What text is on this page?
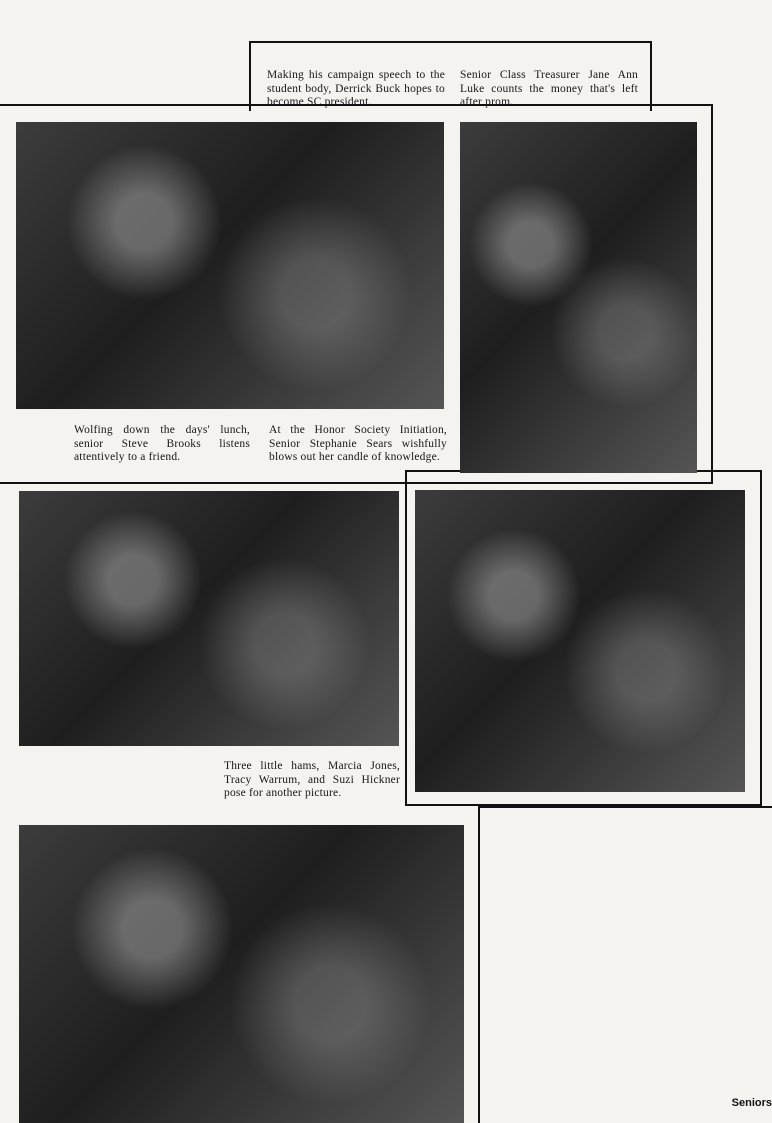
Making his campaign speech to the student body, Derrick Buck hopes to become SC president.
Senior Class Treasurer Jane Ann Luke counts the money that's left after prom.
Wolfing down the days' lunch, senior Steve Brooks listens attentively to a friend.
At the Honor Society Initiation, Senior Stephanie Sears wishfully blows out her candle of knowledge.
Three little hams, Marcia Jones, Tracy Warrum, and Suzi Hickner pose for another picture.
Seniors
